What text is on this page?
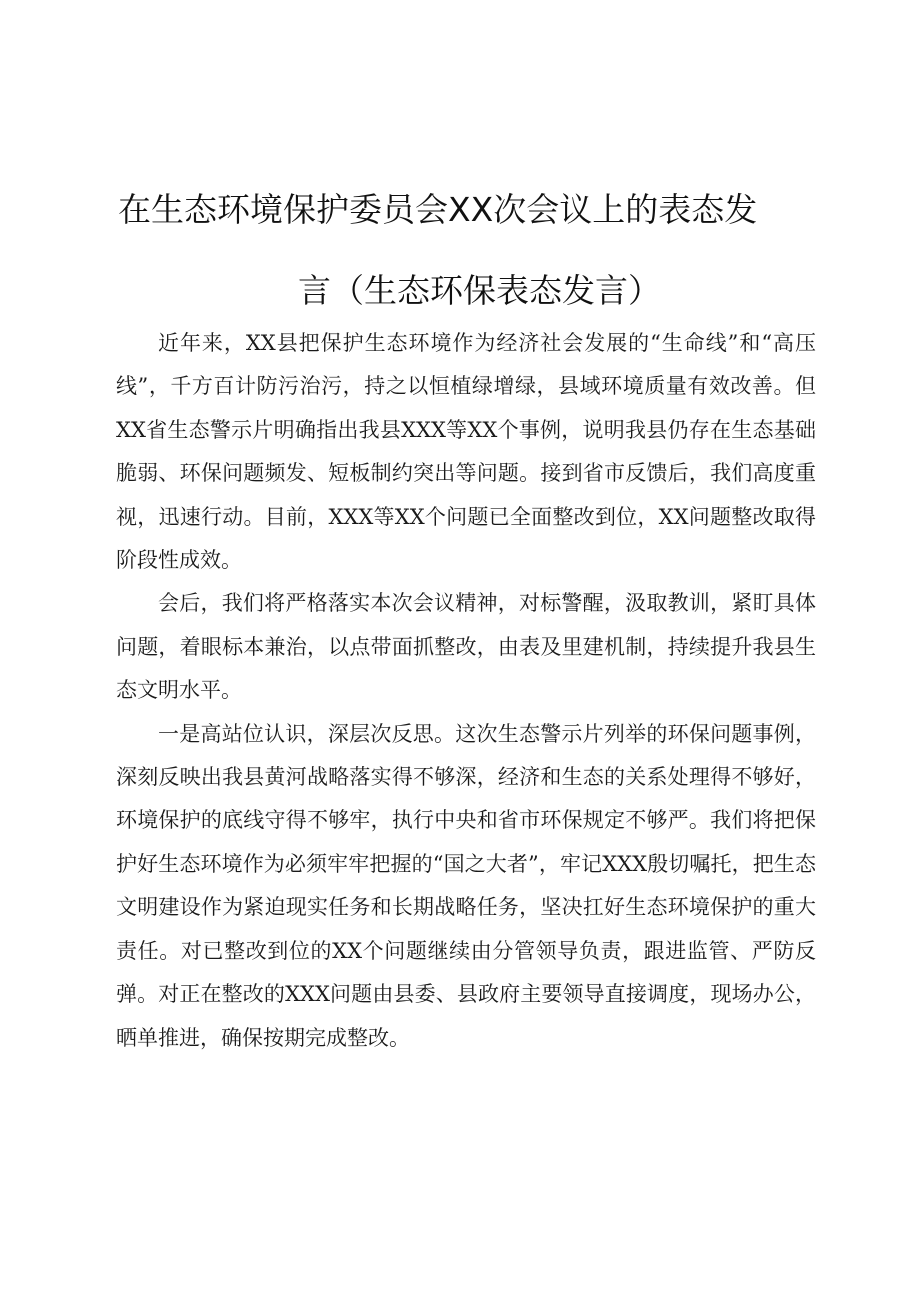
在生态环境保护委员会XX次会议上的表态发
言（生态环保表态发言）

近年来，XX县把保护生态环境作为经济社会发展的“生命线”和“高压线”，千方百计防污治污，持之以恒植绿增绿，县域环境质量有效改善。但XX省生态警示片明确指出我县XXX等XX个事例，说明我县仍存在生态基础脆弱、环保问题频发、短板制约突出等问题。接到省市反馈后，我们高度重视，迅速行动。目前，XXX等XX个问题已全面整改到位，XX问题整改取得阶段性成效。

会后，我们将严格落实本次会议精神，对标警醒，汲取教训，紧盯具体问题，着眼标本兼治，以点带面抓整改，由表及里建机制，持续提升我县生态文明水平。

一是高站位认识，深层次反思。这次生态警示片列举的环保问题事例，深刻反映出我县黄河战略落实得不够深，经济和生态的关系处理得不够好，环境保护的底线守得不够牢，执行中央和省市环保规定不够严。我们将把保护好生态环境作为必须牢牢把握的“国之大者”，牢记XXX殷切嘱托，把生态文明建设作为紧迫现实任务和长期战略任务，坚决扛好生态环境保护的重大责任。对已整改到位的XX个问题继续由分管领导负责，跟进监管、严防反弹。对正在整改的XXX问题由县委、县政府主要领导直接调度，现场办公，晒单推进，确保按期完成整改。
